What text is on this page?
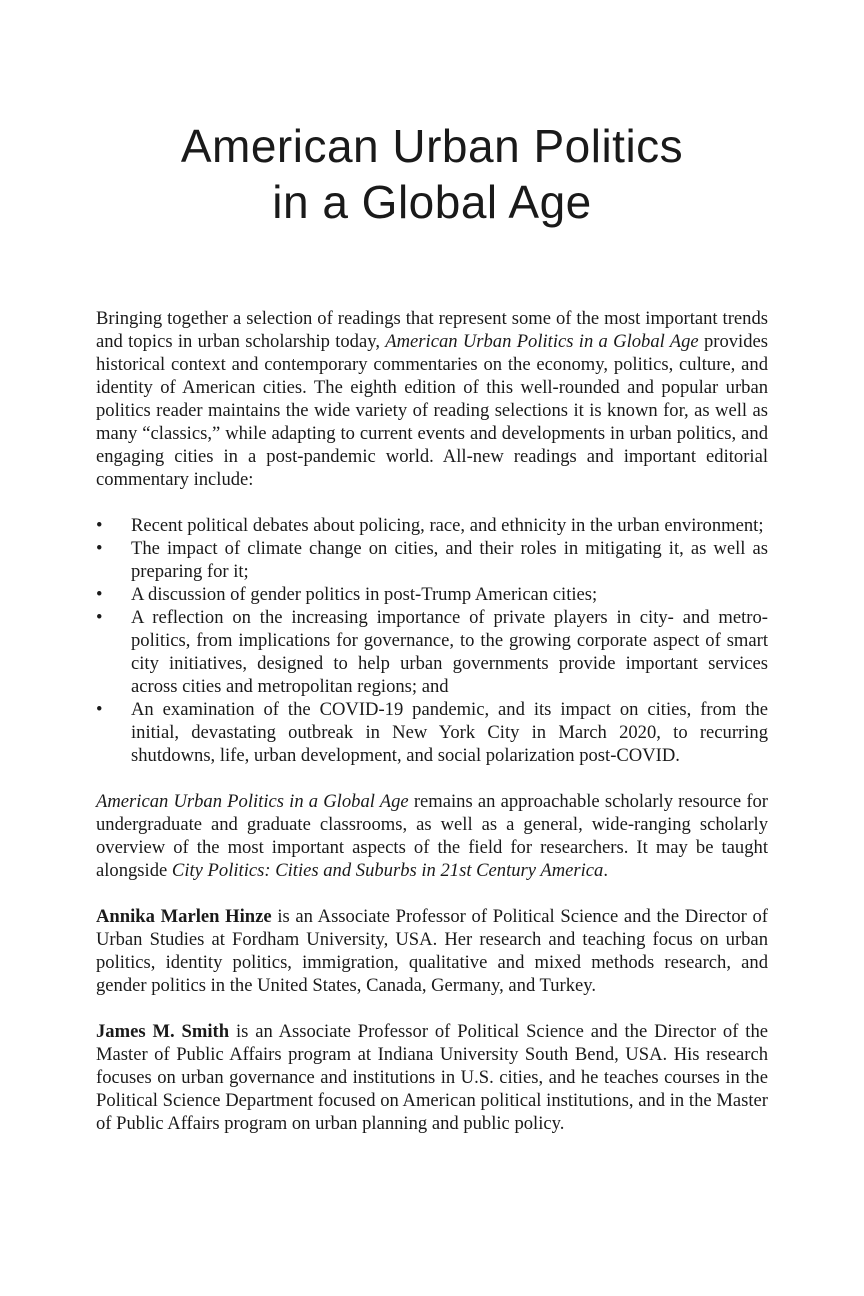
American Urban Politics
in a Global Age

Bringing together a selection of readings that represent some of the most important trends and topics in urban scholarship today, American Urban Politics in a Global Age provides historical context and contemporary commentaries on the economy, politics, culture, and identity of American cities. The eighth edition of this well-rounded and popular urban politics reader maintains the wide variety of reading selections it is known for, as well as many “classics,” while adapting to current events and developments in urban politics, and engaging cities in a post-pandemic world. All-new readings and important editorial commentary include:

• Recent political debates about policing, race, and ethnicity in the urban environment;
• The impact of climate change on cities, and their roles in mitigating it, as well as preparing for it;
• A discussion of gender politics in post-Trump American cities;
• A reflection on the increasing importance of private players in city- and metro-politics, from implications for governance, to the growing corporate aspect of smart city initiatives, designed to help urban governments provide important services across cities and metropolitan regions; and
• An examination of the COVID-19 pandemic, and its impact on cities, from the initial, devastating outbreak in New York City in March 2020, to recurring shutdowns, life, urban development, and social polarization post-COVID.

American Urban Politics in a Global Age remains an approachable scholarly resource for undergraduate and graduate classrooms, as well as a general, wide-ranging scholarly overview of the most important aspects of the field for researchers. It may be taught alongside City Politics: Cities and Suburbs in 21st Century America.

Annika Marlen Hinze is an Associate Professor of Political Science and the Director of Urban Studies at Fordham University, USA. Her research and teaching focus on urban politics, identity politics, immigration, qualitative and mixed methods research, and gender politics in the United States, Canada, Germany, and Turkey.

James M. Smith is an Associate Professor of Political Science and the Director of the Master of Public Affairs program at Indiana University South Bend, USA. His research focuses on urban governance and institutions in U.S. cities, and he teaches courses in the Political Science Department focused on American political institutions, and in the Master of Public Affairs program on urban planning and public policy.
